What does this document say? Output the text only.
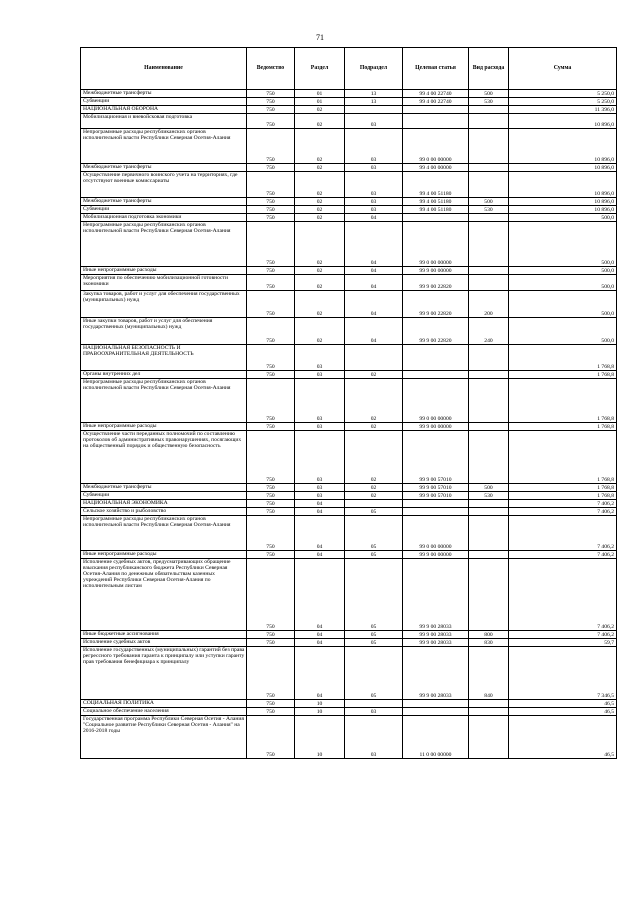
71
Наименование	Ведомство	Раздел	Подраздел	Целевая статья	Вид расхода	Сумма
Межбюджетные трансферты	750	01	13	99 4 00 22740	500	5 250,0
Субвенции	750	01	13	99 4 00 22740	530	5 250,0
НАЦИОНАЛЬНАЯ ОБОРОНА	750	02				11 396,0
Мобилизационная и вневойсковая подготовка	750	02	03			10 896,0
Непрограммные расходы республиканских органов исполнительной власти Республики Северная Осетия-Алания	750	02	03	99 0 00 00000		10 896,0
Межбюджетные трансферты	750	02	03	99 4 00 00000		10 896,0
Осуществление первичного воинского учета на территориях, где отсутствуют военные комиссариаты	750	02	03	99 4 00 51180		10 896,0
Межбюджетные трансферты	750	02	03	99 4 00 51180	500	10 896,0
Субвенции	750	02	03	99 4 00 51180	530	10 896,0
Мобилизационная подготовка экономики	750	02	04			500,0
Непрограммные расходы республиканских органов исполнительной власти Республики Северная Осетия-Алания	750	02	04	99 0 00 00000		500,0
Иные непрограммные расходы	750	02	04	99 9 00 00000		500,0
Мероприятия по обеспечению мобилизационной готовности экономики	750	02	04	99 9 00 22820		500,0
Закупка товаров, работ и услуг для обеспечения государственных (муниципальных) нужд	750	02	04	99 9 00 22820	200	500,0
Иные закупки товаров, работ и услуг для обеспечения государственных (муниципальных) нужд	750	02	04	99 9 00 22820	240	500,0
НАЦИОНАЛЬНАЯ БЕЗОПАСНОСТЬ И ПРАВООХРАНИТЕЛЬНАЯ ДЕЯТЕЛЬНОСТЬ	750	03				1 768,8
Органы внутренних дел	750	03	02			1 768,8
Непрограммные расходы республиканских органов исполнительной власти Республики Северная Осетия-Алания	750	03	02	99 0 00 00000		1 768,8
Иные непрограммные расходы	750	03	02	99 9 00 00000		1 768,8
Осуществление части переданных полномочий по составлению протоколов об административных правонарушениях, посягающих на общественный порядок и общественную безопасность	750	03	02	99 9 00 57010		1 768,8
Межбюджетные трансферты	750	03	02	99 9 00 57010	500	1 768,8
Субвенции	750	03	02	99 9 00 57010	530	1 768,8
НАЦИОНАЛЬНАЯ ЭКОНОМИКА	750	04				7 406,2
Сельское хозяйство и рыболовство	750	04	05			7 406,2
Непрограммные расходы республиканских органов исполнительной власти Республики Северная Осетия-Алания	750	04	05	99 0 00 00000		7 406,2
Иные непрограммные расходы	750	04	05	99 9 00 00000		7 406,2
Исполнение судебных актов, предусматривающих обращение взыскания республиканского бюджета Республики Северная Осетия-Алания по денежным обязательствам казенных учреждений Республики Северная Осетия-Алания по исполнительным листам	750	04	05	99 9 00 28033		7 406,2
Иные бюджетные ассигнования	750	04	05	99 9 00 28033	800	7 406,2
Исполнение судебных актов	750	04	05	99 9 00 28033	830	59,7
Исполнение государственных (муниципальных) гарантий без права регрессного требования гаранта к принципалу или уступки гаранту прав требования бенефициара к принципалу	750	04	05	99 9 00 28033	840	7 346,5
СОЦИАЛЬНАЯ ПОЛИТИКА	750	10				46,5
Социальное обеспечение населения	750	10	03			46,5
Государственная программа Республики Северная Осетия - Алания "Социальное развитие Республики Северная Осетия - Алания" на 2016-2018 годы	750	10	03	11 0 00 00000		46,5
